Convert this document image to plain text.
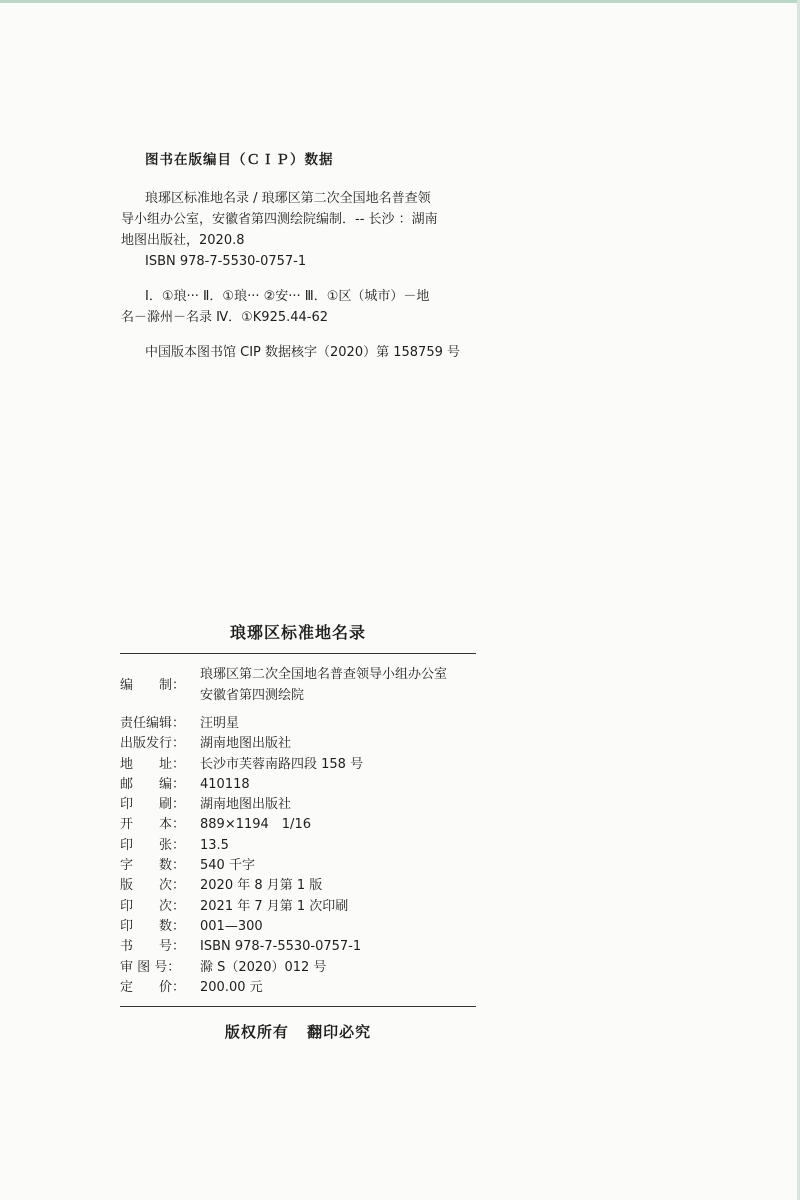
图书在版编目（ＣＩＰ）数据
琅琊区标准地名录 / 琅琊区第二次全国地名普查领
导小组办公室，安徽省第四测绘院编制．-- 长沙 ：湖南
地图出版社，2020.8
ISBN 978-7-5530-0757-1
Ⅰ．①琅··· Ⅱ．①琅··· ②安··· Ⅲ．①区（城市）－地
名－滁州－名录 Ⅳ．①K925.44-62
中国版本图书馆 CIP 数据核字（2020）第 158759 号
琅琊区标准地名录
编　　制：
琅琊区第二次全国地名普查领导小组办公室
安徽省第四测绘院
责任编辑：	汪明星
出版发行：	湖南地图出版社
地　　址：	长沙市芙蓉南路四段 158 号
邮　　编：	410118
印　　刷：	湖南地图出版社
开　　本：	889×1194　1/16
印　　张：	13.5
字　　数：	540 千字
版　　次：	2020 年 8 月第 1 版
印　　次：	2021 年 7 月第 1 次印刷
印　　数：	001—300
书　　号：	ISBN 978-7-5530-0757-1
审 图 号：	滁 S（2020）012 号
定　　价：	200.00 元
版权所有 翻印必究
